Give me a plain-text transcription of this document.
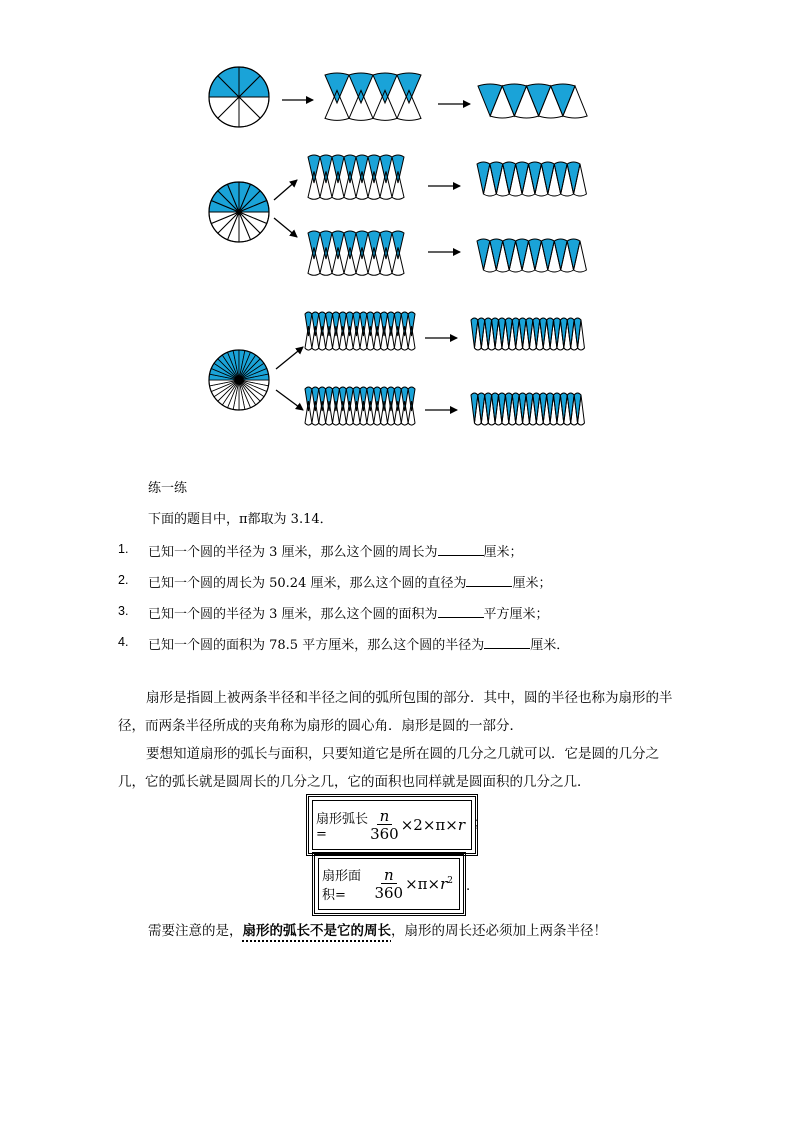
练一练
下面的题目中，π都取为 3.14．
1. 已知一个圆的半径为 3 厘米，那么这个圆的周长为	厘米；
2. 已知一个圆的周长为 50.24 厘米，那么这个圆的直径为	厘米；
3. 已知一个圆的半径为 3 厘米，那么这个圆的面积为	平方厘米；
4. 已知一个圆的面积为 78.5 平方厘米，那么这个圆的半径为	厘米．
扇形是指圆上被两条半径和半径之间的弧所包围的部分．其中，圆的半径也称为扇形的半径，而两条半径所成的夹角称为扇形的圆心角．扇形是圆的一部分．
要想知道扇形的弧长与面积，只要知道它是所在圆的几分之几就可以．它是圆的几分之几，它的弧长就是圆周长的几分之几，它的面积也同样就是圆面积的几分之几．
扇形弧长=	$\frac{n}{360} \times 2\times\pi\times r$ ；
扇形面积=	$\frac{n}{360} \times\pi\times r^2$ .
需要注意的是，扇形的弧长不是它的周长，扇形的周长还必须加上两条半径！
